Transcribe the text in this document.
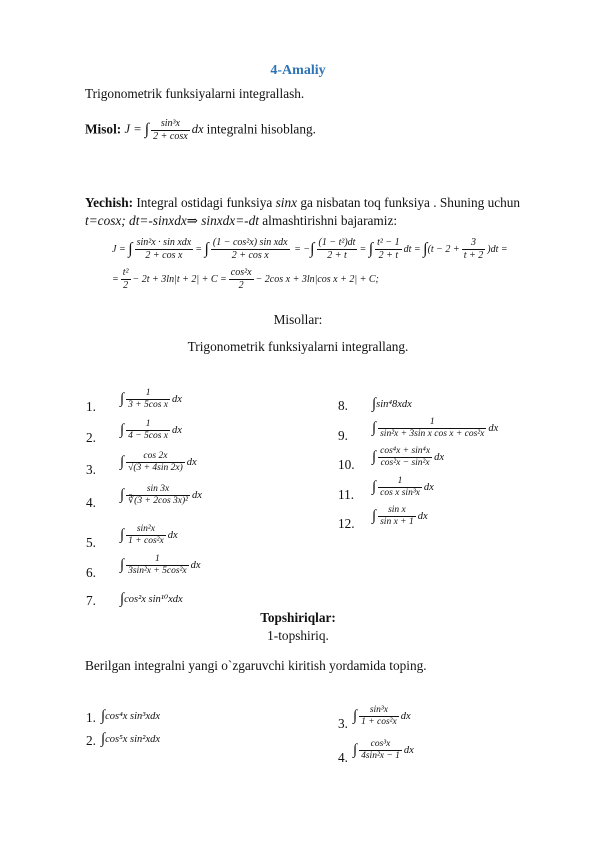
4-Amaliy
Trigonometrik funksiyalarni integrallash.
Misol: J = ∫ $\frac{\text{sin³x}}{2 + \cos x}$ dx integralni hisoblang.
Yechish: Integral ostidagi funksiya sinx ga nisbatan toq funksiya . Shuning uchun
t=cosx; dt=-sinxdx⇒ sinxdx=-dt almashtirishni bajaramiz:
J = ∫ $\frac{\text{sin²x · sin xdx}}{\text{2 + cos x}}$ = ∫ $\frac{\text{(1 − cos²x) sin xdx}}{\text{2 + cos x}}$ = −∫ $\frac{\text{(1 − t²)dt}}{2 + t}$ = ∫ $\frac{\text{t² − 1}}{2 + t}$ dt = $\int(t - 2 + \frac{3}{t + 2} )dt$ =
= $\frac{\text{t²}}{2} - 2t + 3\ln|t + 2| + C = \frac{\text{cos²x}}{2} - 2\cos$ x + 3ln|cos x + 2| + C;
Misollar:
Trigonometrik funksiyalarni integrallang.
1. ∫ $\frac{1}{\text{3 + 5cos x}}$ dx
2. ∫ $\frac{1}{\text{4 − 5cos x}}$ dx
3. ∫ $\frac{\cos 2x}{√(3 + 4\sin 2x)}$ dx
4. ∫ $\frac{\sin 3x}{\text{∛(3 + 2cos 3x)²}}$ dx
5. ∫ $\frac{\text{sin²x}}{\text{1 + cos²x}}$ dx
6. ∫ $\frac{1}{\text{3sin²x + 5cos²x}}$ dx
7. ∫cos²x sin¹⁰xdx
8. ∫sin⁴8xdx
9. ∫ $\frac{1}{\text{sin²x + 3sin x cos x + cos²x}}$ dx
10. ∫ $\frac{\text{cos⁴x + sin⁴x}}{\text{cos²x − sin²x}}$ dx
11. ∫ $\frac{1}{\text{cos x sin³x}}$ dx
12. ∫ $\frac{\text{sin x}}{\text{sin x + 1}}$ dx
Topshiriqlar:
1-topshiriq.
Berilgan integralni yangi o`zgaruvchi kiritish yordamida toping.
1. ∫cos⁴x sin³xdx
2. ∫cos⁵x sin²xdx
3. ∫ $\frac{\text{sin³x}}{\text{1 + cos²x}}$ dx
4. ∫ $\frac{\text{cos³x}}{\text{4sin²x − 1}}$ dx
